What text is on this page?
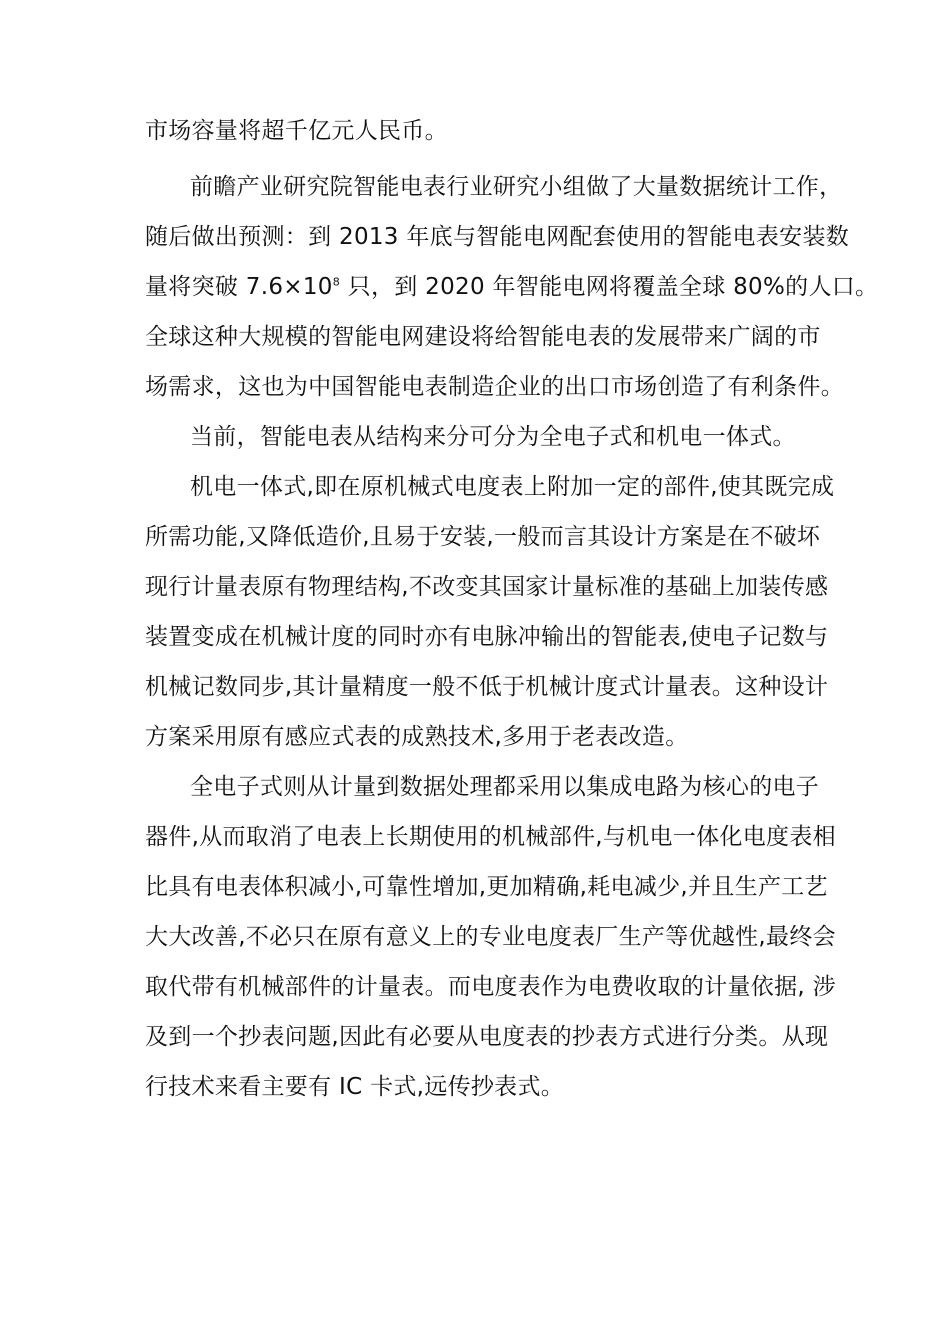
市场容量将超千亿元人民币。
前瞻产业研究院智能电表行业研究小组做了大量数据统计工作，
随后做出预测：到 2013 年底与智能电网配套使用的智能电表安装数
量将突破 $7.6\times 10^8$ 只，到 2020 年智能电网将覆盖全球 80%的人口。
全球这种大规模的智能电网建设将给智能电表的发展带来广阔的市
场需求，这也为中国智能电表制造企业的出口市场创造了有利条件。
当前，智能电表从结构来分可分为全电子式和机电一体式。
机电一体式,即在原机械式电度表上附加一定的部件,使其既完成
所需功能,又降低造价,且易于安装,一般而言其设计方案是在不破坏
现行计量表原有物理结构,不改变其国家计量标准的基础上加装传感
装置变成在机械计度的同时亦有电脉冲输出的智能表,使电子记数与
机械记数同步,其计量精度一般不低于机械计度式计量表。这种设计
方案采用原有感应式表的成熟技术,多用于老表改造。
全电子式则从计量到数据处理都采用以集成电路为核心的电子
器件,从而取消了电表上长期使用的机械部件,与机电一体化电度表相
比具有电表体积减小,可靠性增加,更加精确,耗电减少,并且生产工艺
大大改善,不必只在原有意义上的专业电度表厂生产等优越性,最终会
取代带有机械部件的计量表。而电度表作为电费收取的计量依据, 涉
及到一个抄表问题,因此有必要从电度表的抄表方式进行分类。从现
行技术来看主要有 IC 卡式,远传抄表式。
